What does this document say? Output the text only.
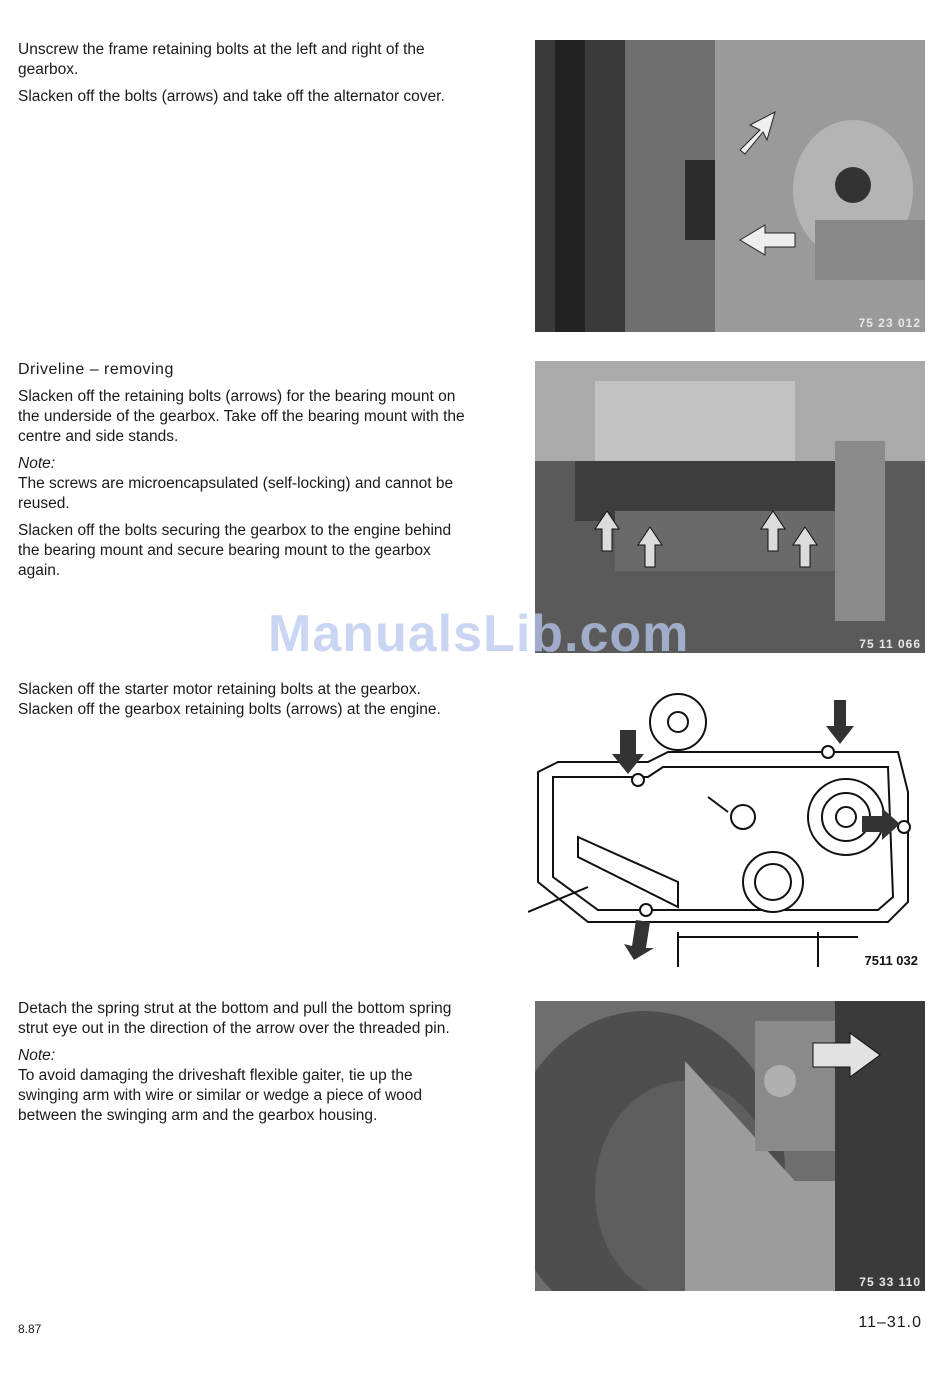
Unscrew the frame retaining bolts at the left and right of the gearbox.

Slacken off the bolts (arrows) and take off the alternator cover.

75 23 012
Driveline – removing

Slacken off the retaining bolts (arrows) for the bearing mount on the underside of the gearbox. Take off the bearing mount with the centre and side stands.

Note:

The screws are microencapsulated (self-locking) and cannot be reused.

Slacken off the bolts securing the gearbox to the engine behind the bearing mount and secure bearing mount to the gearbox again.

75 11 066
ManualsLib.com

Slacken off the starter motor retaining bolts at the gearbox. Slacken off the gearbox retaining bolts (arrows) at the engine.

7511 032

Detach the spring strut at the bottom and pull the bottom spring strut eye out in the direction of the arrow over the threaded pin.

Note:

To avoid damaging the driveshaft flexible gaiter, tie up the swinging arm with wire or similar or wedge a piece of wood between the swinging arm and the gearbox housing.

75 33 110
8.87	11–31.0
